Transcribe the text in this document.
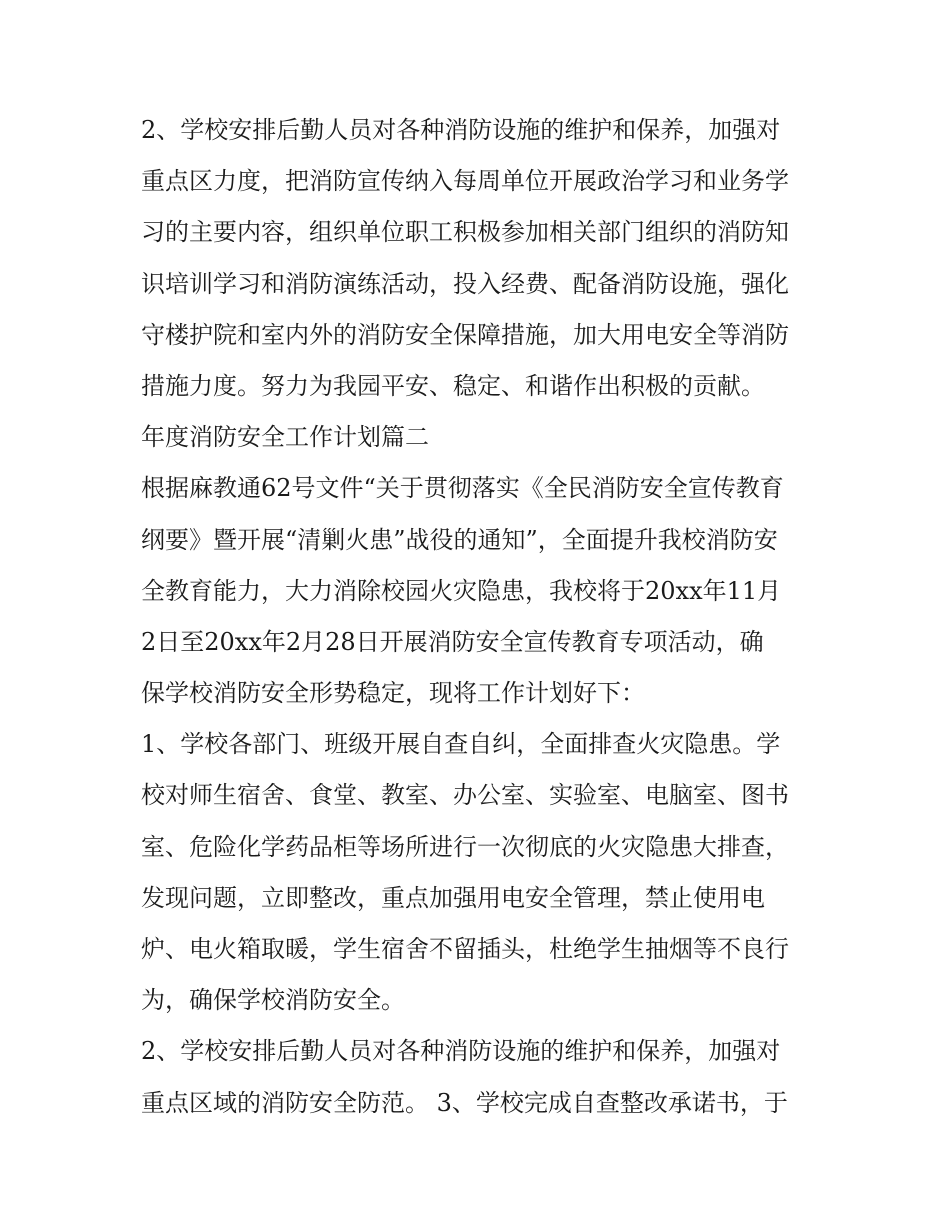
2、学校安排后勤人员对各种消防设施的维护和保养，加强对
重点区力度，把消防宣传纳入每周单位开展政治学习和业务学
习的主要内容，组织单位职工积极参加相关部门组织的消防知
识培训学习和消防演练活动，投入经费、配备消防设施，强化
守楼护院和室内外的消防安全保障措施，加大用电安全等消防
措施力度。努力为我园平安、稳定、和谐作出积极的贡献。
年度消防安全工作计划篇二
根据麻教通62号文件“关于贯彻落实《全民消防安全宣传教育
纲要》暨开展“清剿火患”战役的通知”，全面提升我校消防安
全教育能力，大力消除校园火灾隐患，我校将于20xx年11月
2日至20xx年2月28日开展消防安全宣传教育专项活动，确
保学校消防安全形势稳定，现将工作计划好下：
1、学校各部门、班级开展自查自纠，全面排查火灾隐患。学
校对师生宿舍、食堂、教室、办公室、实验室、电脑室、图书
室、危险化学药品柜等场所进行一次彻底的火灾隐患大排查，
发现问题，立即整改，重点加强用电安全管理，禁止使用电
炉、电火箱取暖，学生宿舍不留插头，杜绝学生抽烟等不良行
为，确保学校消防安全。
2、学校安排后勤人员对各种消防设施的维护和保养，加强对
重点区域的消防安全防范。 3、学校完成自查整改承诺书，于
